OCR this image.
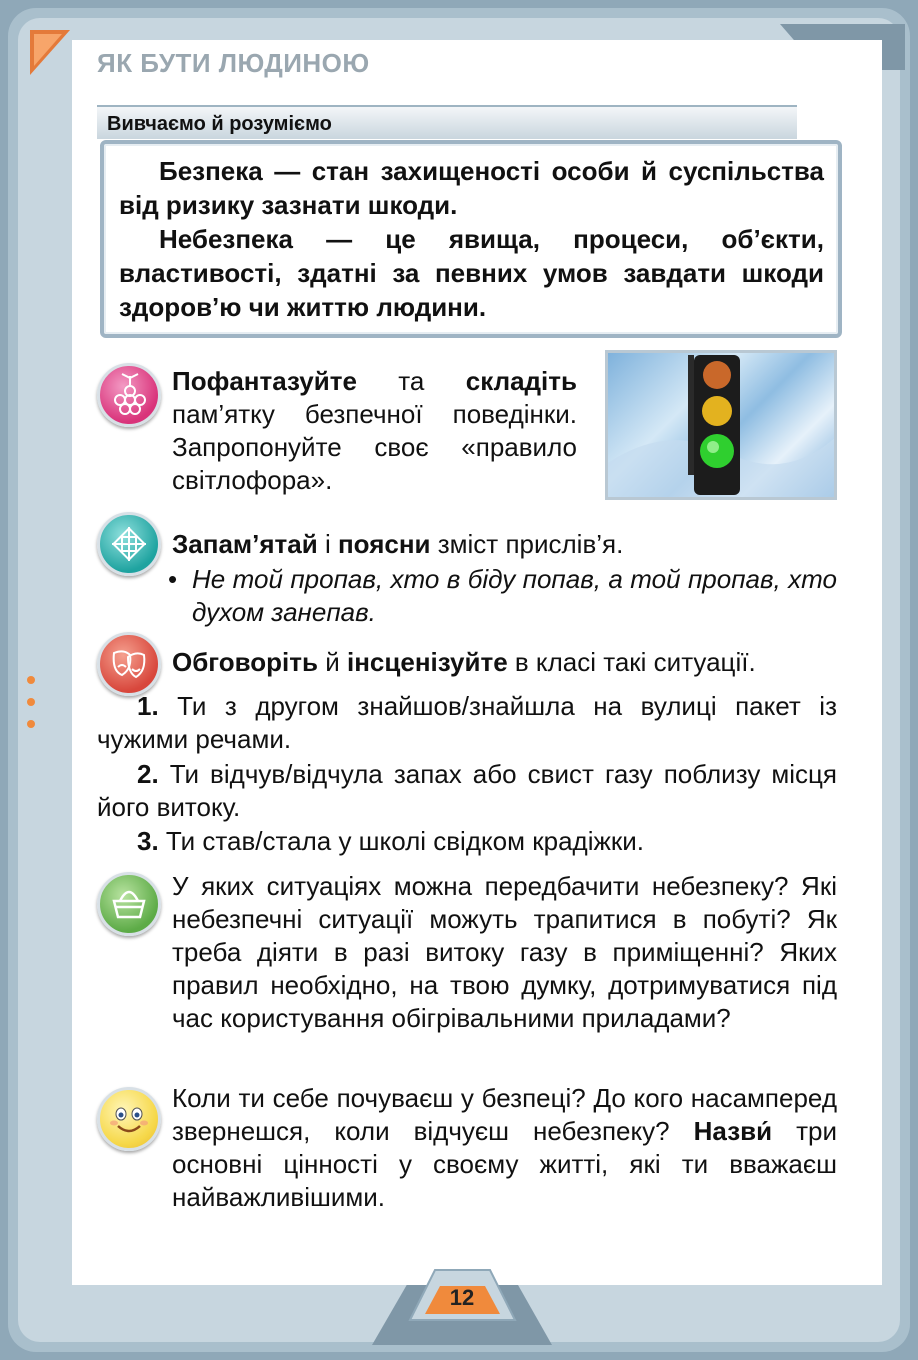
ЯК БУТИ ЛЮДИНОЮ
Вивчаємо й розуміємо

Безпека — стан захищеності особи й суспільства від ризику зазнати шкоди.

Небезпека — це явища, процеси, об’єкти, властивості, здатні за певних умов завдати шкоди здоров’ю чи життю людини.

Пофантазуйте та складіть пам’ятку безпечної поведінки. Запропонуйте своє «правило світлофора».

Запам’ятай і поясни зміст прислів’я.

• Не той пропав, хто в біду попав, а той пропав, хто духом занепав.

Обговоріть й інсценізуйте в класі такі ситуації.

1. Ти з другом знайшов/знайшла на вулиці пакет із чужими речами.

2. Ти відчув/відчула запах або свист газу поблизу місця його витоку.

3. Ти став/стала у школі свідком крадіжки.

У яких ситуаціях можна передбачити небезпеку? Які небезпечні ситуації можуть трапитися в побуті? Як треба діяти в разі витоку газу в приміщенні? Яких правил необхідно, на твою думку, дотримуватися під час користування обігрівальними приладами?

Коли ти себе почуваєш у безпеці? До кого насамперед звернешся, коли відчуєш небезпеку? Назви́ три основні цінності у своєму житті, які ти вважаєш найважливішими.

12
